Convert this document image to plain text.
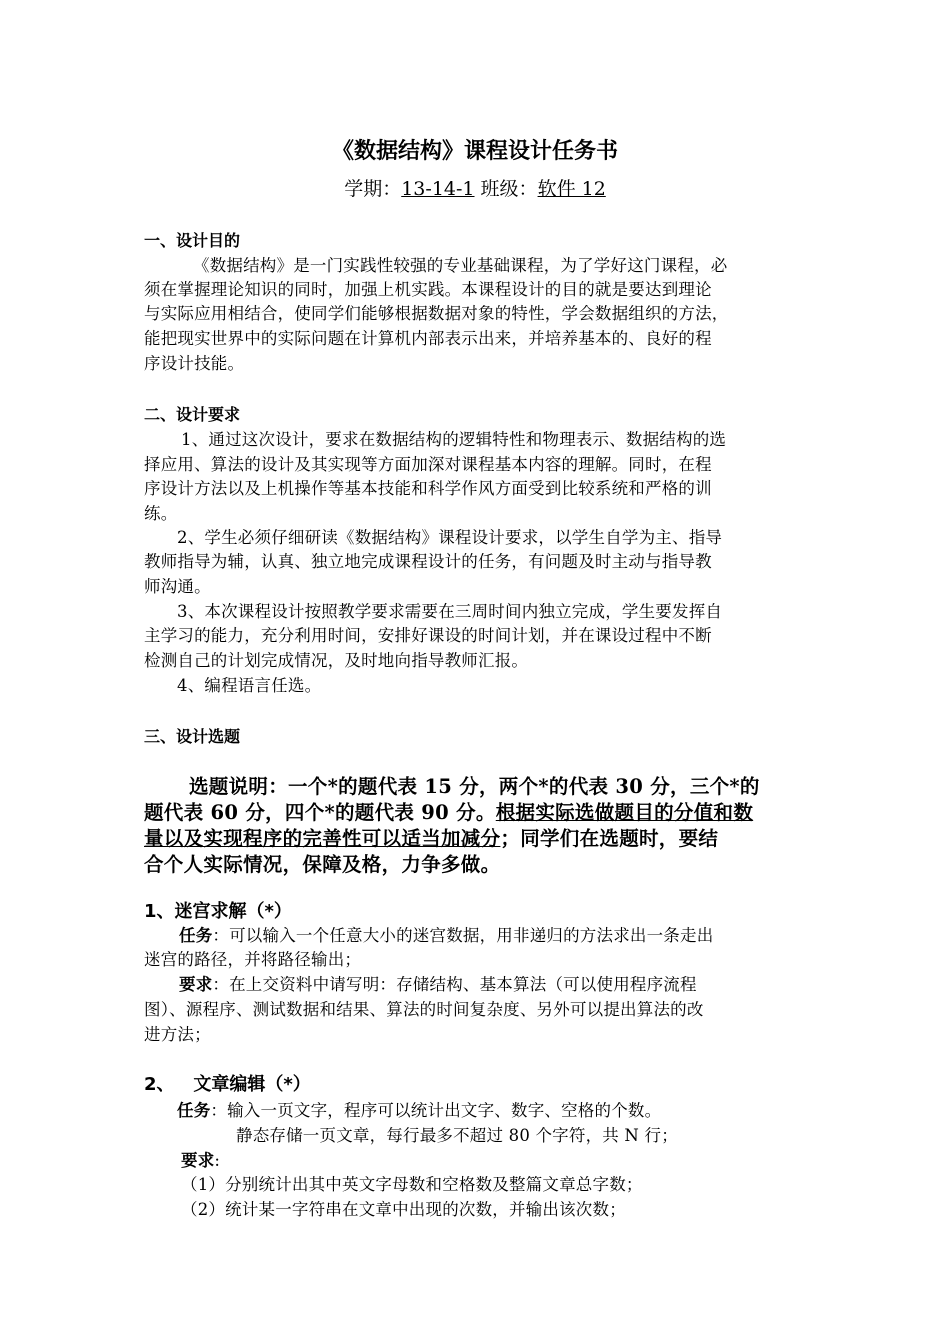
《数据结构》课程设计任务书
学期：13-14-1 班级：软件 12
一、设计目的
《数据结构》是一门实践性较强的专业基础课程，为了学好这门课程，必
须在掌握理论知识的同时，加强上机实践。本课程设计的目的就是要达到理论
与实际应用相结合，使同学们能够根据数据对象的特性，学会数据组织的方法，
能把现实世界中的实际问题在计算机内部表示出来，并培养基本的、良好的程
序设计技能。
二、设计要求
1、通过这次设计，要求在数据结构的逻辑特性和物理表示、数据结构的选
择应用、算法的设计及其实现等方面加深对课程基本内容的理解。同时，在程
序设计方法以及上机操作等基本技能和科学作风方面受到比较系统和严格的训
练。
2、学生必须仔细研读《数据结构》课程设计要求，以学生自学为主、指导
教师指导为辅，认真、独立地完成课程设计的任务，有问题及时主动与指导教
师沟通。
3、本次课程设计按照教学要求需要在三周时间内独立完成，学生要发挥自
主学习的能力，充分利用时间，安排好课设的时间计划，并在课设过程中不断
检测自己的计划完成情况，及时地向指导教师汇报。
4、编程语言任选。
三、设计选题
选题说明：一个*的题代表 15 分，两个*的代表 30 分，三个*的
题代表 60 分，四个*的题代表 90 分。根据实际选做题目的分值和数
量以及实现程序的完善性可以适当加减分；同学们在选题时，要结
合个人实际情况，保障及格，力争多做。
1、迷宫求解（*）
任务：可以输入一个任意大小的迷宫数据，用非递归的方法求出一条走出
迷宫的路径，并将路径输出；
要求：在上交资料中请写明：存储结构、基本算法（可以使用程序流程
图）、源程序、测试数据和结果、算法的时间复杂度、另外可以提出算法的改
进方法；
2、   文章编辑（*）
任务：输入一页文字，程序可以统计出文字、数字、空格的个数。
静态存储一页文章，每行最多不超过 80 个字符，共 N 行；
要求:
（1）分别统计出其中英文字母数和空格数及整篇文章总字数；
（2）统计某一字符串在文章中出现的次数，并输出该次数；
